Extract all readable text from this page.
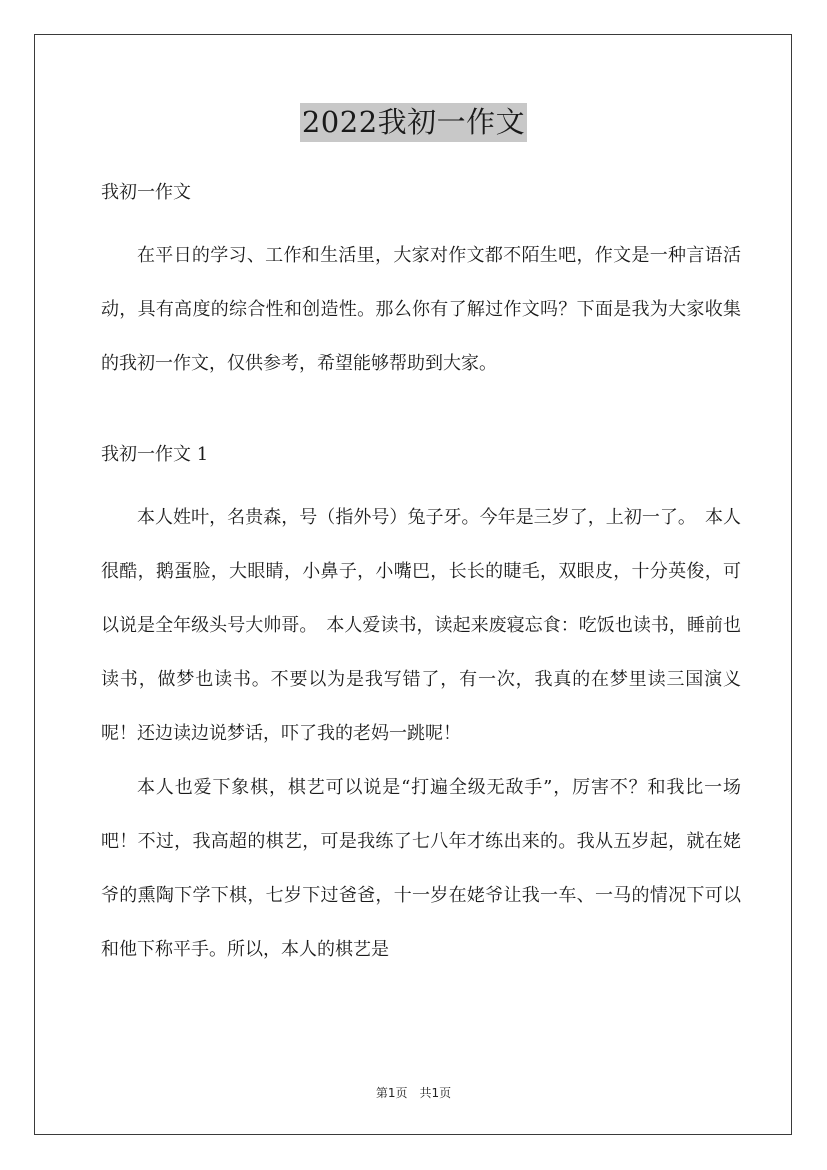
2022我初一作文

我初一作文

在平日的学习、工作和生活里，大家对作文都不陌生吧，作文是一种言语活动，具有高度的综合性和创造性。那么你有了解过作文吗？下面是我为大家收集的我初一作文，仅供参考，希望能够帮助到大家。

我初一作文 1

本人姓叶，名贵森，号（指外号）兔子牙。今年是三岁了，上初一了。　本人很酷，鹅蛋脸，大眼睛，小鼻子，小嘴巴，长长的睫毛，双眼皮，十分英俊，可以说是全年级头号大帅哥。　本人爱读书，读起来废寝忘食：吃饭也读书，睡前也读书，做梦也读书。不要以为是我写错了，有一次，我真的在梦里读三国演义呢！还边读边说梦话，吓了我的老妈一跳呢！

本人也爱下象棋，棋艺可以说是“打遍全级无敌手”，厉害不？和我比一场吧！不过，我高超的棋艺，可是我练了七八年才练出来的。我从五岁起，就在姥爷的熏陶下学下棋，七岁下过爸爸，十一岁在姥爷让我一车、一马的情况下可以和他下称平手。所以，本人的棋艺是

第1页　共1页
